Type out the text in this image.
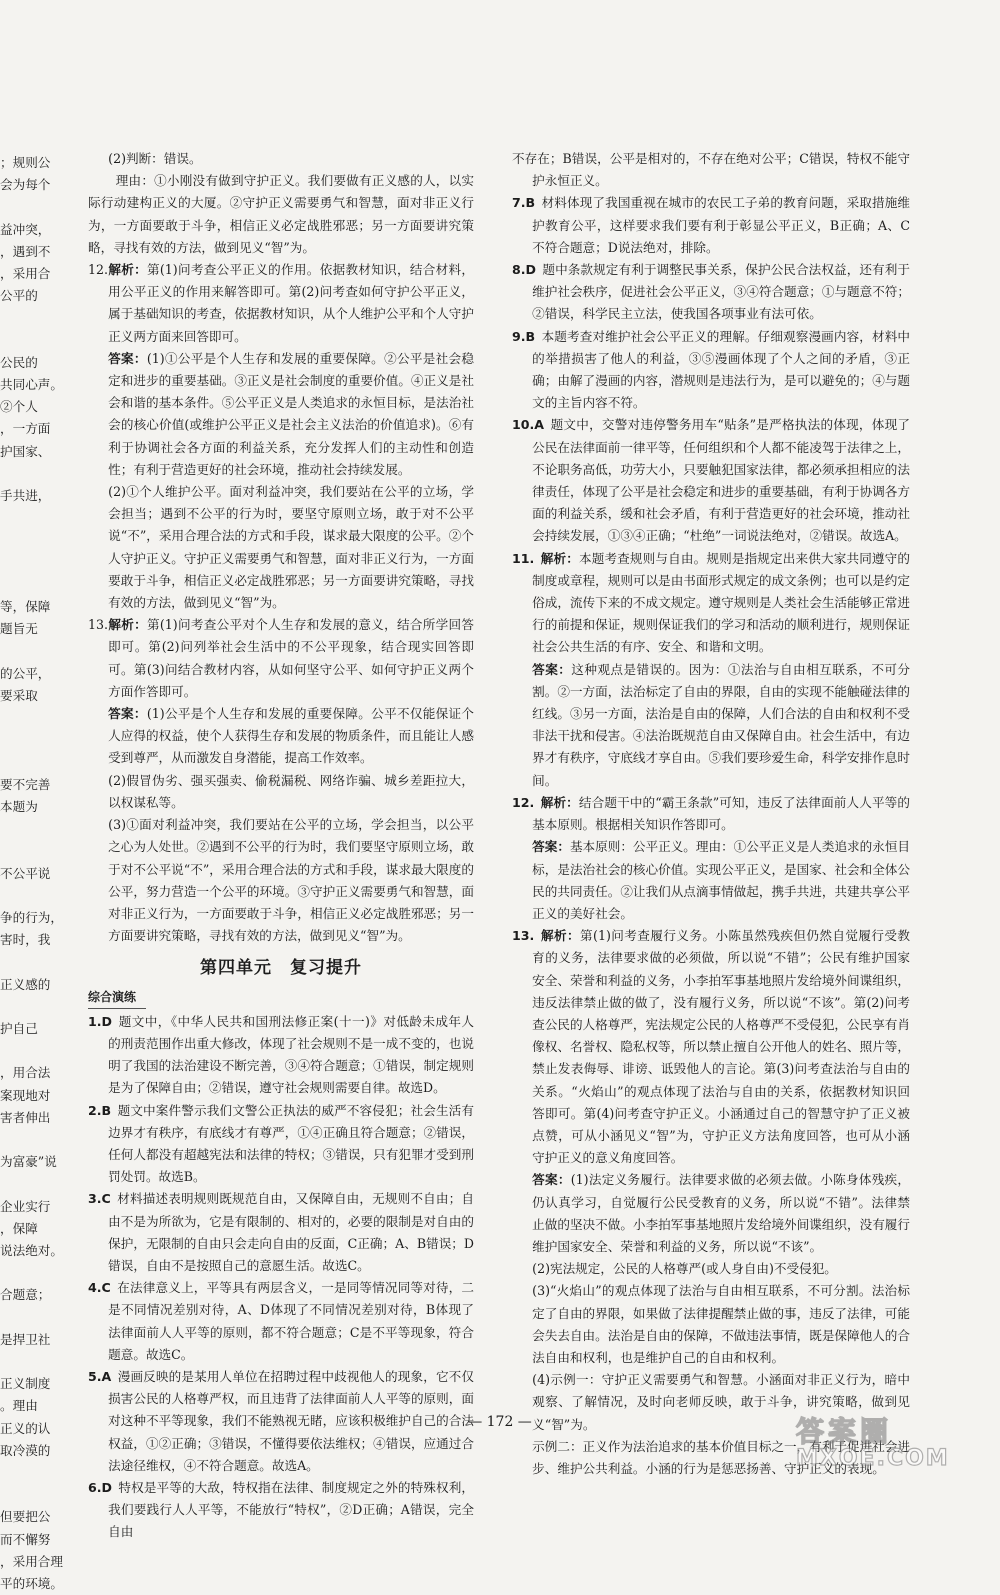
；规则公

会为每个

益冲突，

，遇到不

，采用合

公平的

公民的

共同心声。

②个人

，一方面

护国家、

手共进，

等，保障

题旨无

的公平，

要采取

要不完善

本题为

不公平说

争的行为，

害时，我

正义感的

护自己

，用合法

案现地对

害者伸出

为富豪”说

企业实行

，保障

说法绝对。

合题意；

是捍卫社

正义制度

。理由

正义的认

取冷漠的

但要把公

而不懈努

，采用合理

平的环境。

(2)判断：错误。

理由：①小刚没有做到守护正义。我们要做有正义感的人，以实际行动建构正义的大厦。②守护正义需要勇气和智慧，面对非正义行为，一方面要敢于斗争，相信正义必定战胜邪恶；另一方面要讲究策略，寻找有效的方法，做到见义“智”为。

12.解析：第(1)问考查公平正义的作用。依据教材知识，结合材料，用公平正义的作用来解答即可。第(2)问考查如何守护公平正义，属于基础知识的考查，依据教材知识，从个人维护公平和个人守护正义两方面来回答即可。

答案：(1)①公平是个人生存和发展的重要保障。②公平是社会稳定和进步的重要基础。③正义是社会制度的重要价值。④正义是社会和谐的基本条件。⑤公平正义是人类追求的永恒目标，是法治社会的核心价值(或维护公平正义是社会主义法治的价值追求)。⑥有利于协调社会各方面的利益关系，充分发挥人们的主动性和创造性；有利于营造更好的社会环境，推动社会持续发展。

(2)①个人维护公平。面对利益冲突，我们要站在公平的立场，学会担当；遇到不公平的行为时，要坚守原则立场，敢于对不公平说“不”，采用合理合法的方式和手段，谋求最大限度的公平。②个人守护正义。守护正义需要勇气和智慧，面对非正义行为，一方面要敢于斗争，相信正义必定战胜邪恶；另一方面要讲究策略，寻找有效的方法，做到见义“智”为。

13.解析：第(1)问考查公平对个人生存和发展的意义，结合所学回答即可。第(2)问列举社会生活中的不公平现象，结合现实回答即可。第(3)问结合教材内容，从如何坚守公平、如何守护正义两个方面作答即可。

答案：(1)公平是个人生存和发展的重要保障。公平不仅能保证个人应得的权益，使个人获得生存和发展的物质条件，而且能让人感受到尊严，从而激发自身潜能，提高工作效率。

(2)假冒伪劣、强买强卖、偷税漏税、网络诈骗、城乡差距拉大，以权谋私等。

(3)①面对利益冲突，我们要站在公平的立场，学会担当，以公平之心为人处世。②遇到不公平的行为时，我们要坚守原则立场，敢于对不公平说“不”，采用合理合法的方式和手段，谋求最大限度的公平，努力营造一个公平的环境。③守护正义需要勇气和智慧，面对非正义行为，一方面要敢于斗争，相信正义必定战胜邪恶；另一方面要讲究策略，寻找有效的方法，做到见义“智”为。

第四单元　复习提升
综合演练

1.D  题文中，《中华人民共和国刑法修正案(十一)》对低龄未成年人的刑责范围作出重大修改，体现了社会规则不是一成不变的，也说明了我国的法治建设不断完善，③④符合题意；①错误，制定规则是为了保障自由；②错误，遵守社会规则需要自律。故选D。

2.B  题文中案件警示我们文警公正执法的威严不容侵犯；社会生活有边界才有秩序，有底线才有尊严，①④正确且符合题意；②错误，任何人都没有超越宪法和法律的特权；③错误，只有犯罪才受到刑罚处罚。故选B。

3.C  材料描述表明规则既规范自由，又保障自由，无规则不自由；自由不是为所欲为，它是有限制的、相对的，必要的限制是对自由的保护，无限制的自由只会走向自由的反面，C正确；A、B错误；D错误，自由不是按照自己的意愿生活。故选C。

4.C  在法律意义上，平等具有两层含义，一是同等情况同等对待，二是不同情况差别对待，A、D体现了不同情况差别对待，B体现了法律面前人人平等的原则，都不符合题意；C是不平等现象，符合题意。故选C。

5.A  漫画反映的是某用人单位在招聘过程中歧视他人的现象，它不仅损害公民的人格尊严权，而且违背了法律面前人人平等的原则，面对这种不平等现象，我们不能熟视无睹，应该积极维护自己的合法权益，①②正确；③错误，不懂得要依法维权；④错误，应通过合法途径维权，④不符合题意。故选A。

6.D  特权是平等的大敌，特权指在法律、制度规定之外的特殊权利，我们要践行人人平等，不能放行“特权”，②D正确；A错误，完全自由

不存在；B错误，公平是相对的，不存在绝对公平；C错误，特权不能守护永恒正义。

7.B  材料体现了我国重视在城市的农民工子弟的教育问题，采取措施维护教育公平，这样要求我们要有利于彰显公平正义，B正确；A、C不符合题意；D说法绝对，排除。

8.D  题中条款规定有利于调整民事关系，保护公民合法权益，还有利于维护社会秩序，促进社会公平正义，③④符合题意；①与题意不符；②错误，科学民主立法，使我国各项事业有法可依。

9.B  本题考查对维护社会公平正义的理解。仔细观察漫画内容，材料中的举措损害了他人的利益，③⑤漫画体现了个人之间的矛盾，③正确；由解了漫画的内容，潜规则是违法行为，是可以避免的；④与题文的主旨内容不符。

10.A  题文中，交警对违停警务用车“贴条”是严格执法的体现，体现了公民在法律面前一律平等，任何组织和个人都不能凌驾于法律之上，不论职务高低，功劳大小，只要触犯国家法律，都必须承担相应的法律责任，体现了公平是社会稳定和进步的重要基础，有利于协调各方面的利益关系，缓和社会矛盾，有利于营造更好的社会环境，推动社会持续发展，①③④正确；“杜绝”一词说法绝对，②错误。故选A。

11.  解析：本题考查规则与自由。规则是指规定出来供大家共同遵守的制度或章程，规则可以是由书面形式规定的成文条例；也可以是约定俗成，流传下来的不成文规定。遵守规则是人类社会生活能够正常进行的前提和保证，规则保证我们的学习和活动的顺利进行，规则保证社会公共生活的有序、安全、和谐和文明。

答案：这种观点是错误的。因为：①法治与自由相互联系，不可分割。②一方面，法治标定了自由的界限，自由的实现不能触碰法律的红线。③另一方面，法治是自由的保障，人们合法的自由和权利不受非法干扰和侵害。④法治既规范自由又保障自由。社会生活中，有边界才有秩序，守底线才享自由。⑤我们要珍爱生命，科学安排作息时间。

12.  解析：结合题干中的“霸王条款”可知，违反了法律面前人人平等的基本原则。根据相关知识作答即可。

答案：基本原则：公平正义。理由：①公平正义是人类追求的永恒目标，是法治社会的核心价值。实现公平正义，是国家、社会和全体公民的共同责任。②让我们从点滴事情做起，携手共进，共建共享公平正义的美好社会。

13.  解析：第(1)问考查履行义务。小陈虽然残疾但仍然自觉履行受教育的义务，法律要求做的必须做，所以说“不错”；公民有维护国家安全、荣誉和利益的义务，小李拍军事基地照片发给境外间谍组织，违反法律禁止做的做了，没有履行义务，所以说“不该”。第(2)问考查公民的人格尊严，宪法规定公民的人格尊严不受侵犯，公民享有肖像权、名誉权、隐私权等，所以禁止擅自公开他人的姓名、照片等，禁止发表侮辱、诽谤、诋毁他人的言论。第(3)问考查法治与自由的关系。“火焰山”的观点体现了法治与自由的关系，依据教材知识回答即可。第(4)问考查守护正义。小涵通过自己的智慧守护了正义被点赞，可从小涵见义“智”为，守护正义方法角度回答，也可从小涵守护正义的意义角度回答。

答案：(1)法定义务履行。法律要求做的必须去做。小陈身体残疾，仍认真学习，自觉履行公民受教育的义务，所以说“不错”。法律禁止做的坚决不做。小李拍军事基地照片发给境外间谍组织，没有履行维护国家安全、荣誉和利益的义务，所以说“不该”。

(2)宪法规定，公民的人格尊严(或人身自由)不受侵犯。

(3)“火焰山”的观点体现了法治与自由相互联系，不可分割。法治标定了自由的界限，如果做了法律提醒禁止做的事，违反了法律，可能会失去自由。法治是自由的保障，不做违法事情，既是保障他人的合法自由和权利，也是维护自己的自由和权利。

(4)示例一：守护正义需要勇气和智慧。小涵面对非正义行为，暗中观察、了解情况，及时向老师反映，敢于斗争，讲究策略，做到见义“智”为。

示例二：正义作为法治追求的基本价值目标之一，有利于促进社会进步、维护公共利益。小涵的行为是惩恶扬善、守护正义的表现。

— 172 —	答案圈
MXQE.COM
